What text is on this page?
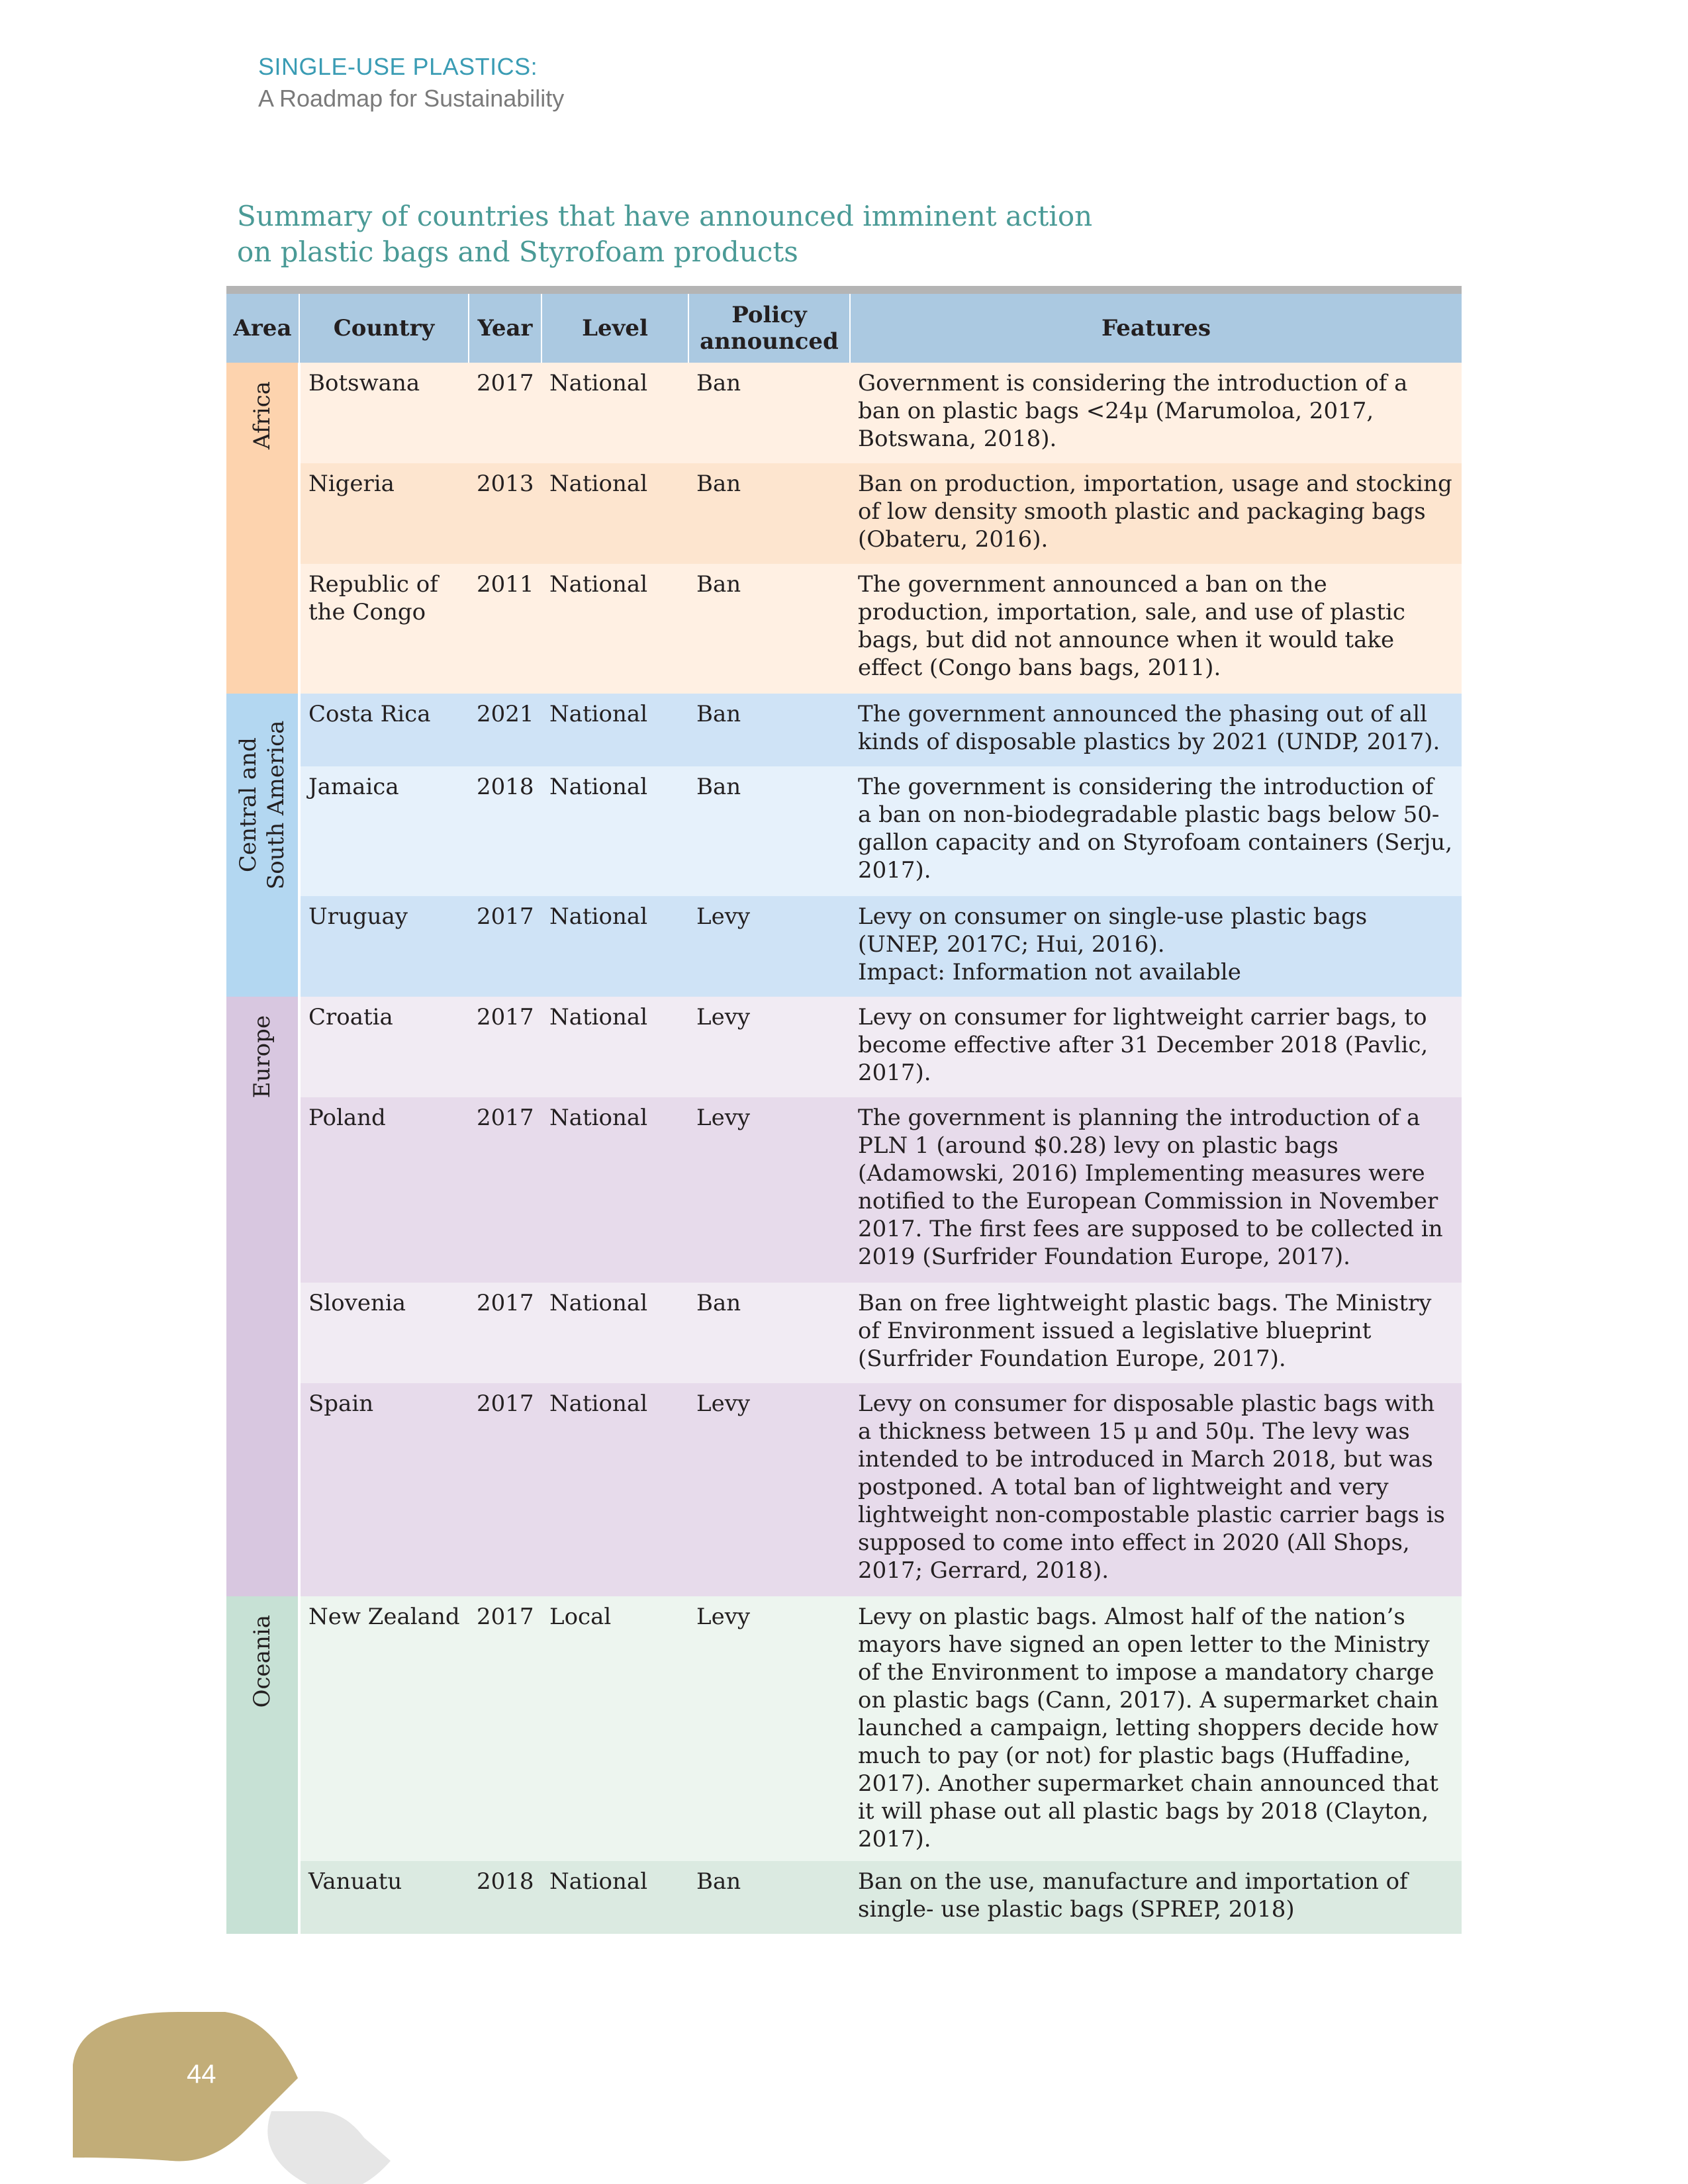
SINGLE-USE PLASTICS:
A Roadmap for Sustainability
Summary of countries that have announced imminent action
on plastic bags and Styrofoam products
Area	Country	Year	Level	Policy announced	Features
Africa	Botswana	2017	National	Ban	Government is considering the introduction of a ban on plastic bags <24μ (Marumoloa, 2017, Botswana, 2018).
	Nigeria	2013	National	Ban	Ban on production, importation, usage and stocking of low density smooth plastic and packaging bags (Obateru, 2016).
	Republic of the Congo	2011	National	Ban	The government announced a ban on the production, importation, sale, and use of plastic bags, but did not announce when it would take effect (Congo bans bags, 2011).
Central and South America	Costa Rica	2021	National	Ban	The government announced the phasing out of all kinds of disposable plastics by 2021 (UNDP, 2017).
	Jamaica	2018	National	Ban	The government is considering the introduction of a ban on non-biodegradable plastic bags below 50-gallon capacity and on Styrofoam containers (Serju, 2017).
	Uruguay	2017	National	Levy	Levy on consumer on single-use plastic bags (UNEP, 2017C; Hui, 2016).
Impact: Information not available
Europe	Croatia	2017	National	Levy	Levy on consumer for lightweight carrier bags, to become effective after 31 December 2018 (Pavlic, 2017).
	Poland	2017	National	Levy	The government is planning the introduction of a PLN 1 (around $0.28) levy on plastic bags (Adamowski, 2016) Implementing measures were notified to the European Commission in November 2017. The first fees are supposed to be collected in 2019 (Surfrider Foundation Europe, 2017).
	Slovenia	2017	National	Ban	Ban on free lightweight plastic bags. The Ministry of Environment issued a legislative blueprint (Surfrider Foundation Europe, 2017).
	Spain	2017	National	Levy	Levy on consumer for disposable plastic bags with a thickness between 15 μ and 50μ. The levy was intended to be introduced in March 2018, but was postponed. A total ban of lightweight and very lightweight non-compostable plastic carrier bags is supposed to come into effect in 2020 (All Shops, 2017; Gerrard, 2018).
Oceania	New Zealand	2017	Local	Levy	Levy on plastic bags. Almost half of the nation’s mayors have signed an open letter to the Ministry of the Environment to impose a mandatory charge on plastic bags (Cann, 2017). A supermarket chain launched a campaign, letting shoppers decide how much to pay (or not) for plastic bags (Huffadine, 2017). Another supermarket chain announced that it will phase out all plastic bags by 2018 (Clayton, 2017).
	Vanuatu	2018	National	Ban	Ban on the use, manufacture and importation of single- use plastic bags (SPREP, 2018)
44
